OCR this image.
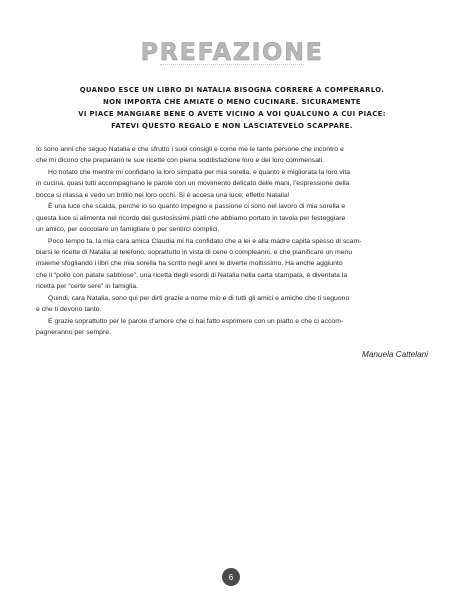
PREFAZIONE
QUANDO ESCE UN LIBRO DI NATALIA BISOGNA CORRERE A COMPERARLO.
NON IMPORTA CHE AMIATE O MENO CUCINARE. SICURAMENTE
VI PIACE MANGIARE BENE O AVETE VICINO A VOI QUALCUNO A CUI PIACE:
FATEVI QUESTO REGALO E NON LASCIATEVELO SCAPPARE.
Io sono anni che seguo Natalia e che sfrutto i suoi consigli e come me le tante persone che incontro e
che mi dicono che preparano le sue ricette con piena soddisfazione loro e dei loro commensali.
Ho notato che mentre mi confidano la loro simpatia per mia sorella, e quanto è migliorata la loro vita
in cucina, quasi tutti accompagnano le parole con un movimento delicato delle mani, l’espressione della
bocca si rilassa e vedo un brillio nei loro occhi. Si è accesa una luce: effetto Natalia!
È una luce che scalda, perché io so quanto impegno e passione ci sono nel lavoro di mia sorella e
questa luce si alimenta nel ricordo dei gustosissimi piatti che abbiamo portato in tavola per festeggiare
un amico, per coccolare un famigliare o per sentirci complici.
Poco tempo fa, la mia cara amica Claudia mi ha confidato che a lei e alla madre capita spesso di scam-
biarsi le ricette di Natalia al telefono, soprattutto in vista di cene o compleanni, e che pianificare un menu
insieme sfogliando i libri che mia sorella ha scritto negli anni le diverte moltissimo. Ha anche aggiunto
che il “pollo con patate sabbiose”, una ricetta degli esordi di Natalia nella carta stampata, è diventata la
ricetta per “certe sere” in famiglia.
Quindi, cara Natalia, sono qui per dirti grazie a nome mio e di tutti gli amici e amiche che ti seguono
e che ti devono tanto.
E grazie soprattutto per le parole d’amore che ci hai fatto esprimere con un piatto e che ci accom-
pagneranno per sempre.
Manuela Cattelani
6
